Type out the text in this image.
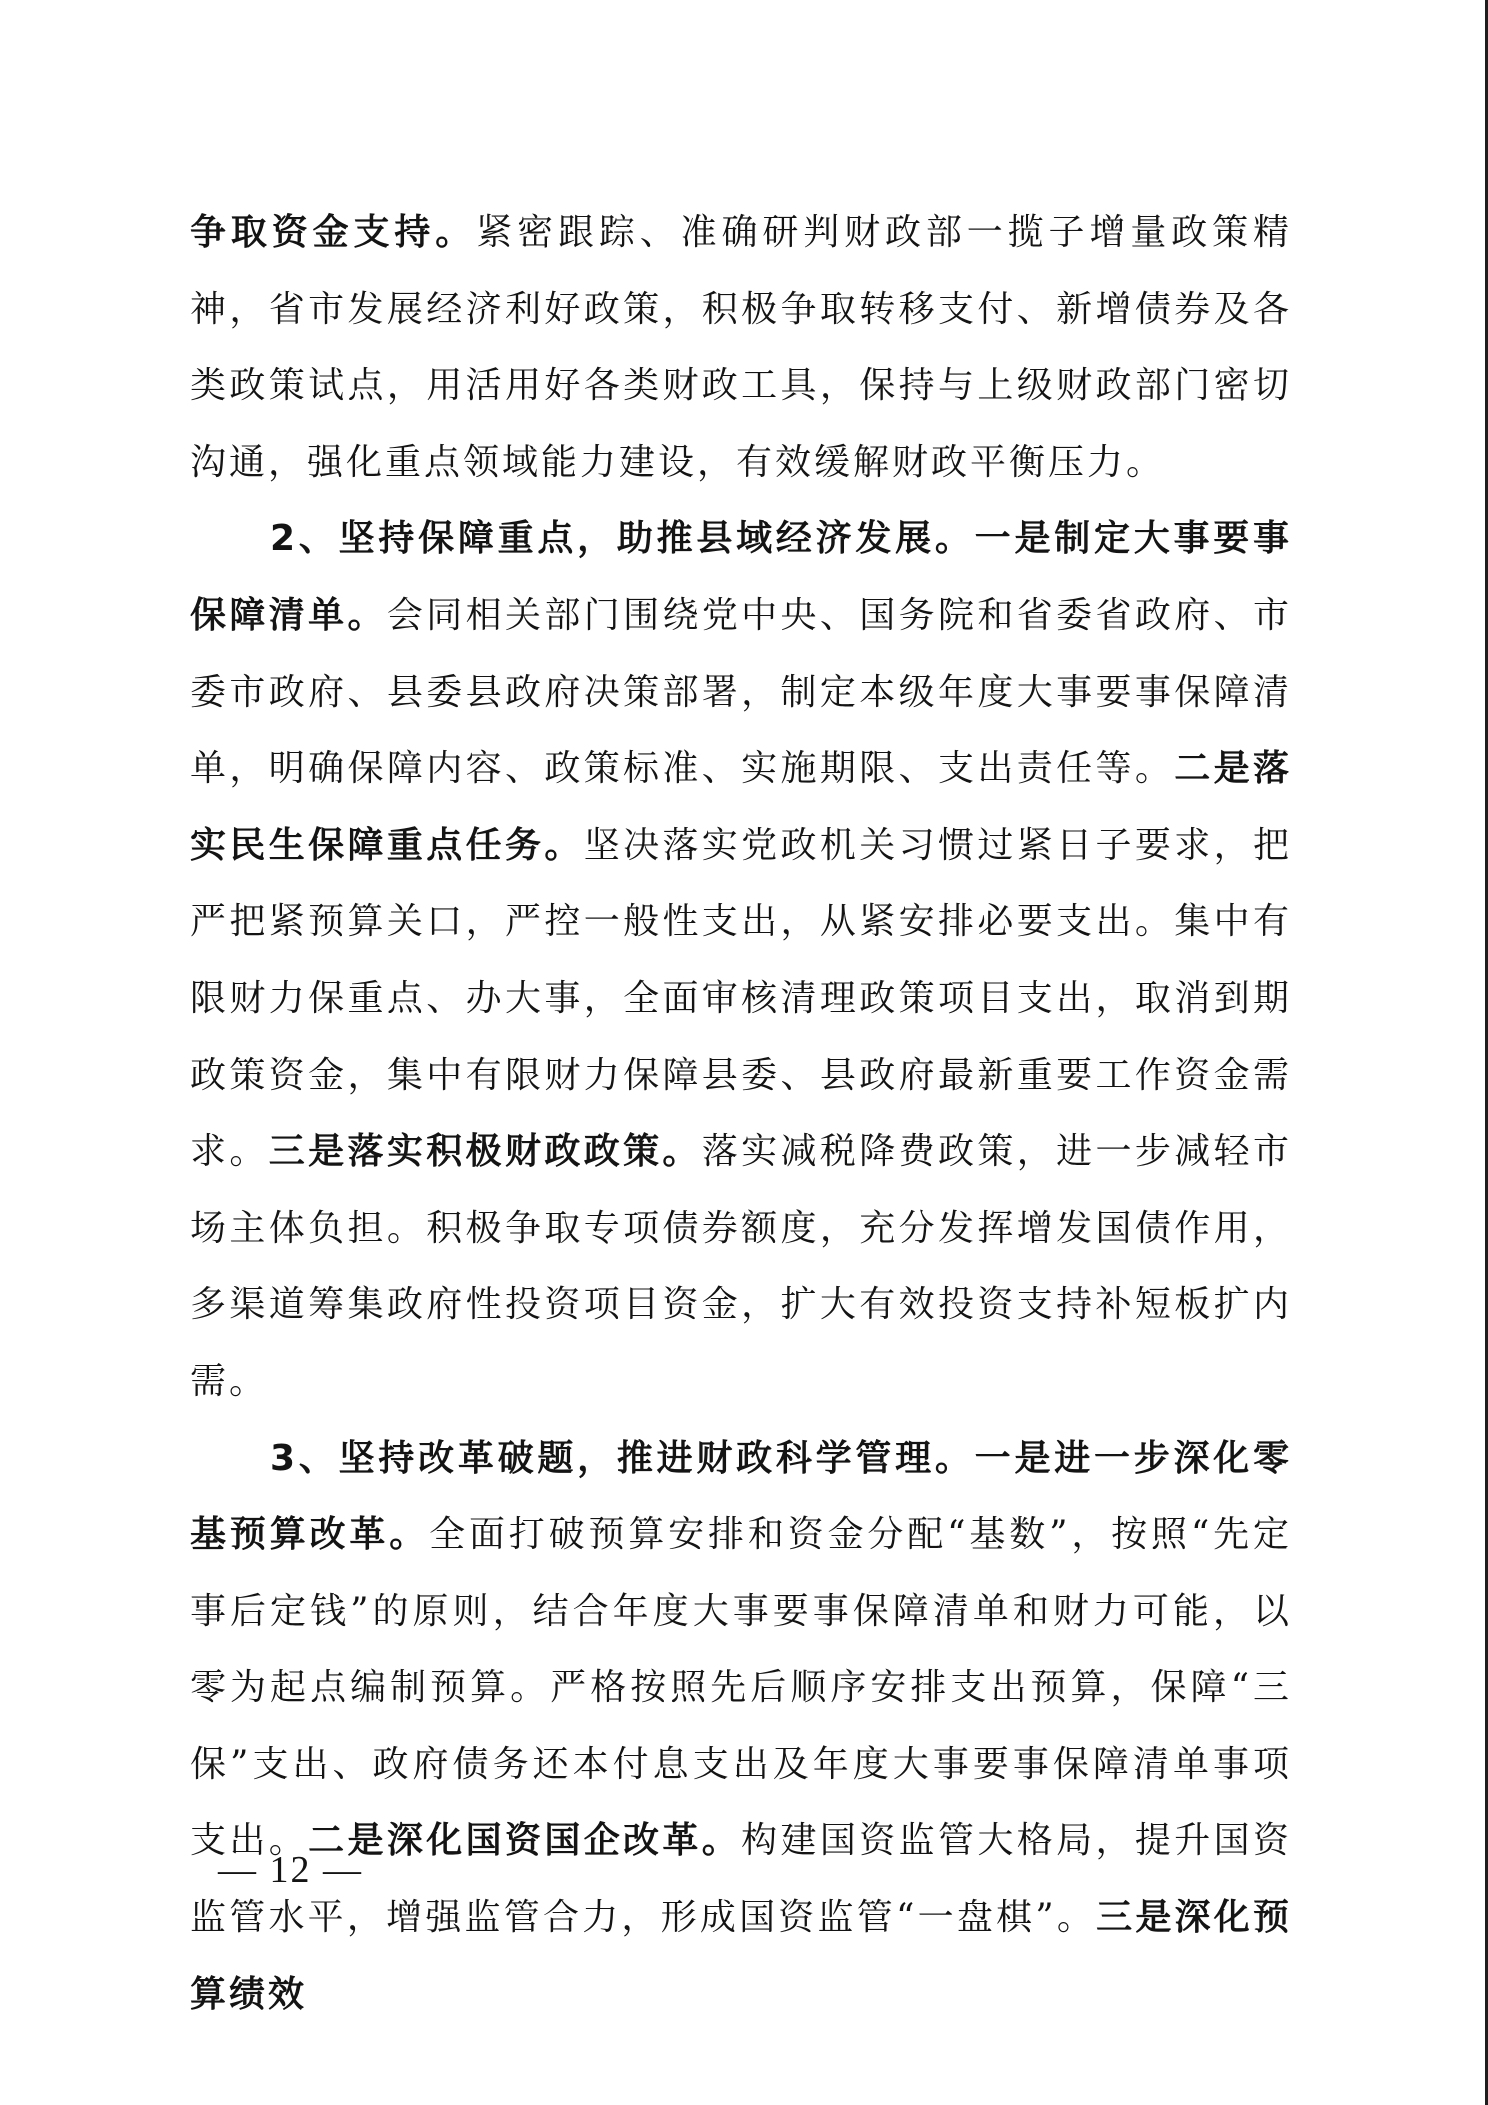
争取资金支持。紧密跟踪、准确研判财政部一揽子增量政策精神，省市发展经济利好政策，积极争取转移支付、新增债券及各类政策试点，用活用好各类财政工具，保持与上级财政部门密切沟通，强化重点领域能力建设，有效缓解财政平衡压力。

2、坚持保障重点，助推县域经济发展。一是制定大事要事保障清单。会同相关部门围绕党中央、国务院和省委省政府、市委市政府、县委县政府决策部署，制定本级年度大事要事保障清单，明确保障内容、政策标准、实施期限、支出责任等。二是落实民生保障重点任务。坚决落实党政机关习惯过紧日子要求，把严把紧预算关口，严控一般性支出，从紧安排必要支出。集中有限财力保重点、办大事，全面审核清理政策项目支出，取消到期政策资金，集中有限财力保障县委、县政府最新重要工作资金需求。三是落实积极财政政策。落实减税降费政策，进一步减轻市场主体负担。积极争取专项债券额度，充分发挥增发国债作用，多渠道筹集政府性投资项目资金，扩大有效投资支持补短板扩内需。

3、坚持改革破题，推进财政科学管理。一是进一步深化零基预算改革。全面打破预算安排和资金分配“基数”，按照“先定事后定钱”的原则，结合年度大事要事保障清单和财力可能，以零为起点编制预算。严格按照先后顺序安排支出预算，保障“三保”支出、政府债务还本付息支出及年度大事要事保障清单事项支出。二是深化国资国企改革。构建国资监管大格局，提升国资监管水平，增强监管合力，形成国资监管“一盘棋”。三是深化预算绩效

— 12 —
